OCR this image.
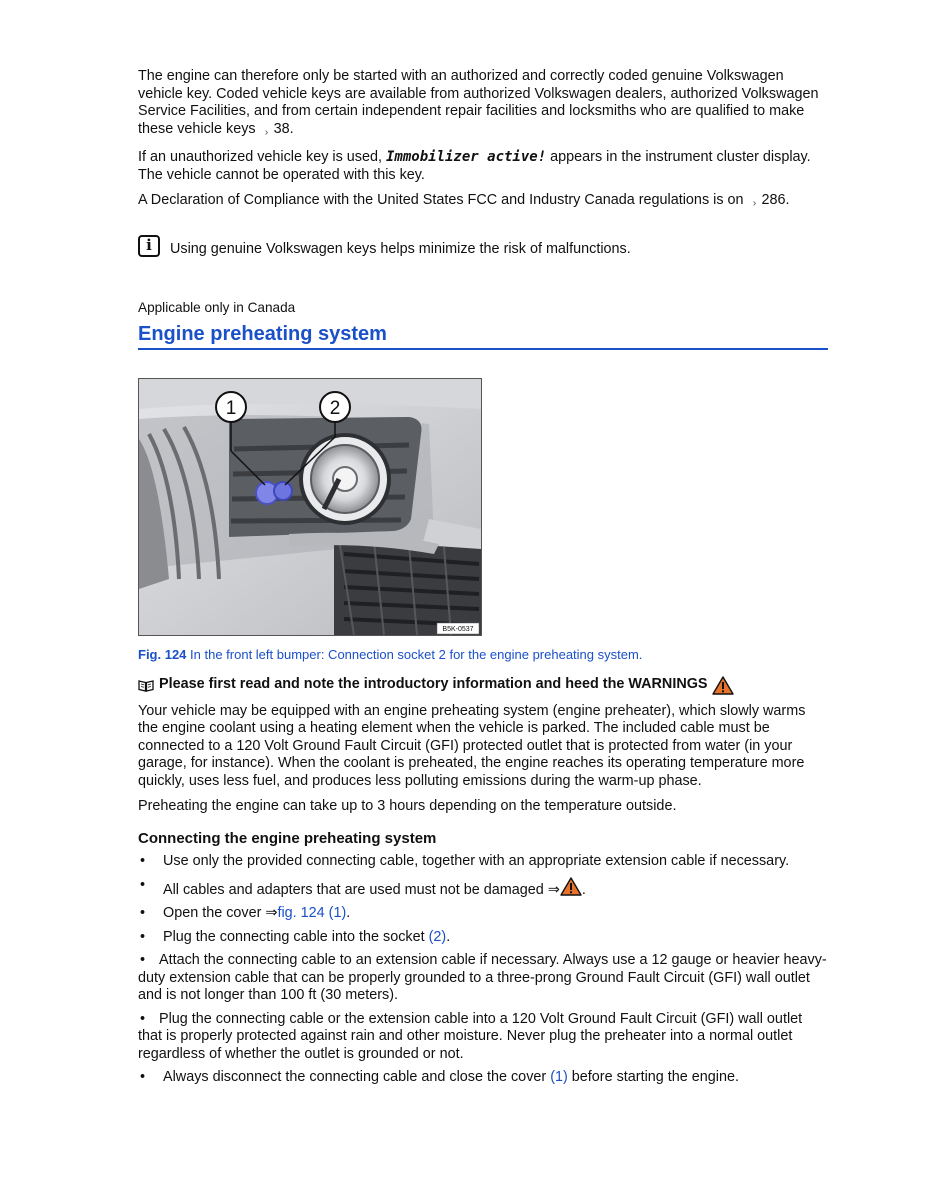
The engine can therefore only be started with an authorized and correctly coded genuine Volkswagen vehicle key. Coded vehicle keys are available from authorized Volkswagen dealers, authorized Volkswagen Service Facilities, and from certain independent repair facilities and locksmiths who are qualified to make these vehicle keys › 38.

If an unauthorized vehicle key is used, Immobilizer active! appears in the instrument cluster display. The vehicle cannot be operated with this key.

A Declaration of Compliance with the United States FCC and Industry Canada regulations is on › 286.

i Using genuine Volkswagen keys helps minimize the risk of malfunctions.

Applicable only in Canada

Engine preheating system
1	2
B5K-0537

Fig. 124 In the front left bumper: Connection socket 2 for the engine preheating system.

Please first read and note the introductory information and heed the WARNINGS

Your vehicle may be equipped with an engine preheating system (engine preheater), which slowly warms the engine coolant using a heating element when the vehicle is parked. The included cable must be connected to a 120 Volt Ground Fault Circuit (GFI) protected outlet that is protected from water (in your garage, for instance). When the coolant is preheated, the engine reaches its operating temperature more quickly, uses less fuel, and produces less polluting emissions during the warm-up phase.

Preheating the engine can take up to 3 hours depending on the temperature outside.

Connecting the engine preheating system
•	Use only the provided connecting cable, together with an appropriate extension cable if necessary.
•	All cables and adapters that are used must not be damaged ⇒ .
•	Open the cover ⇒fig. 124 (1).
•	Plug the connecting cable into the socket (2).

• Attach the connecting cable to an extension cable if necessary. Always use a 12 gauge or heavier heavy-duty extension cable that can be properly grounded to a three-prong Ground Fault Circuit (GFI) wall outlet and is not longer than 100 ft (30 meters).

• Plug the connecting cable or the extension cable into a 120 Volt Ground Fault Circuit (GFI) wall outlet that is properly protected against rain and other moisture. Never plug the preheater into a normal outlet regardless of whether the outlet is grounded or not.

•	Always disconnect the connecting cable and close the cover (1) before starting the engine.
